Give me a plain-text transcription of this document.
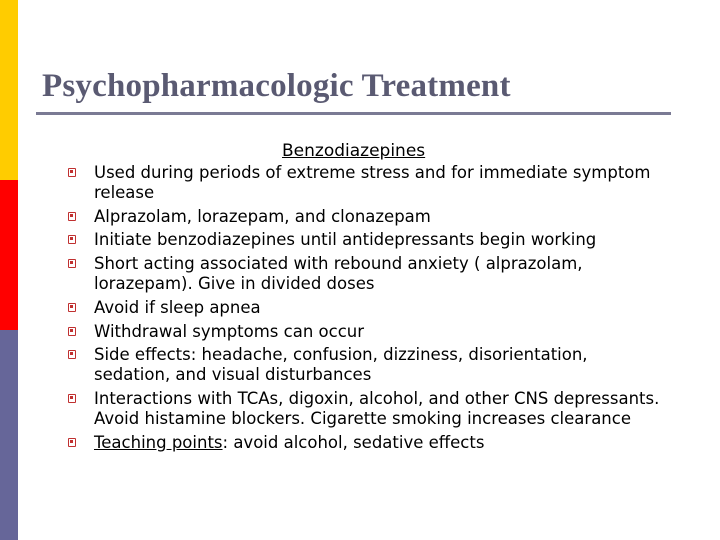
Psychopharmacologic Treatment
Benzodiazepines
Used during periods of extreme stress and for immediate symptom release
Alprazolam, lorazepam, and clonazepam
Initiate benzodiazepines until antidepressants begin working
Short acting associated with rebound anxiety ( alprazolam, lorazepam). Give in divided doses
Avoid if sleep apnea
Withdrawal symptoms can occur
Side effects: headache, confusion, dizziness, disorientation, sedation, and visual disturbances
Interactions with TCAs, digoxin, alcohol, and other CNS depressants. Avoid histamine blockers. Cigarette smoking increases clearance
Teaching points: avoid alcohol, sedative effects
